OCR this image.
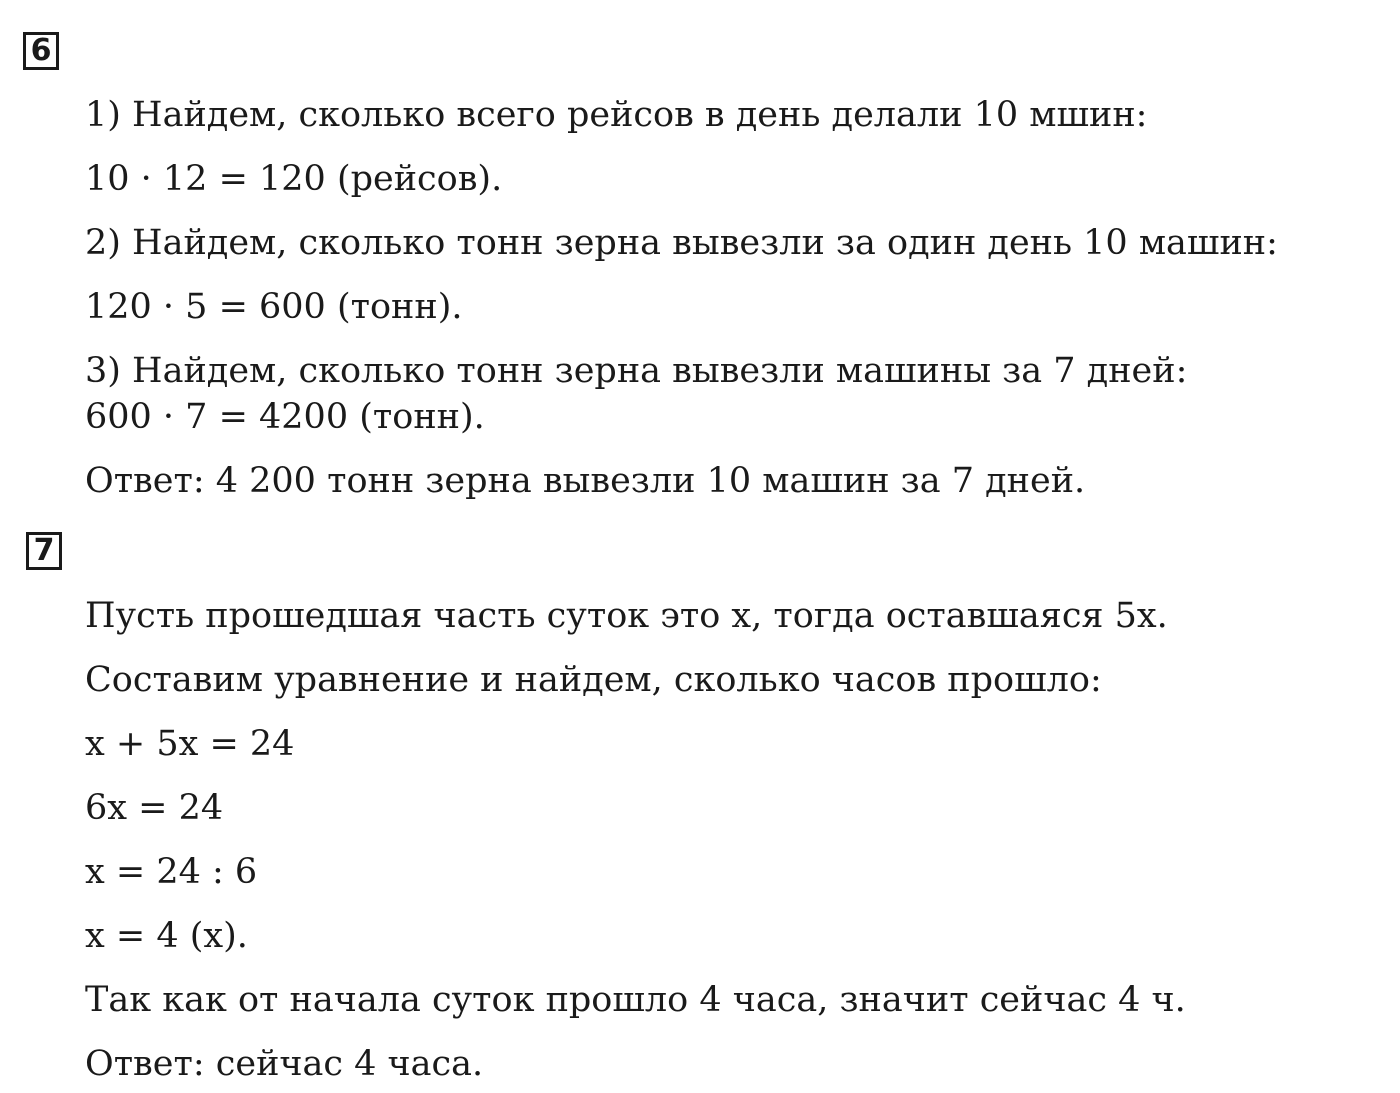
6
1) Найдем, сколько всего рейсов в день делали 10 мшин:
10 · 12 = 120 (рейсов).
2) Найдем, сколько тонн зерна вывезли за один день 10 машин:
120 · 5 = 600 (тонн).
3) Найдем, сколько тонн зерна вывезли машины за 7 дней:
600 · 7 = 4200 (тонн).
Ответ: 4 200 тонн зерна вывезли 10 машин за 7 дней.
7
Пусть прошедшая часть суток это x, тогда оставшаяся 5x.
Составим уравнение и найдем, сколько часов прошло:
x + 5x = 24
6x = 24
x = 24 : 6
x = 4 (x).
Так как от начала суток прошло 4 часа, значит сейчас 4 ч.
Ответ: сейчас 4 часа.
